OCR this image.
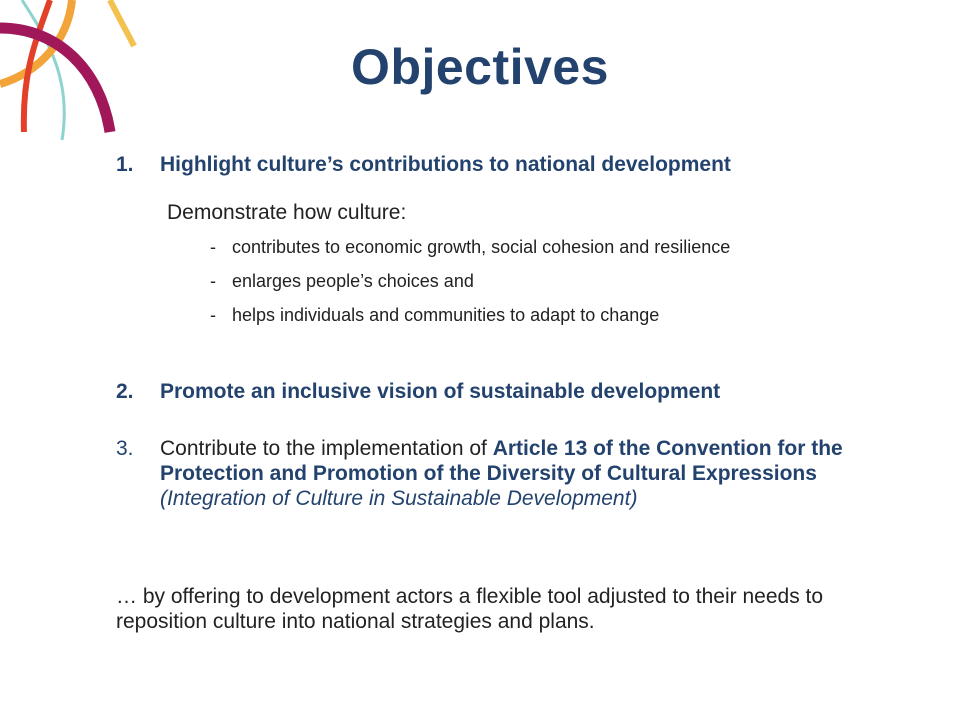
Objectives
1. Highlight culture’s contributions to national development
Demonstrate how culture:
- contributes to economic growth, social cohesion and resilience
- enlarges people’s choices and
- helps individuals and communities to adapt to change
2. Promote an inclusive vision of sustainable development
3. Contribute to the implementation of Article 13 of the Convention for the Protection and Promotion of the Diversity of Cultural Expressions (Integration of Culture in Sustainable Development)
… by offering to development actors a flexible tool adjusted to their needs to reposition culture into national strategies and plans.
